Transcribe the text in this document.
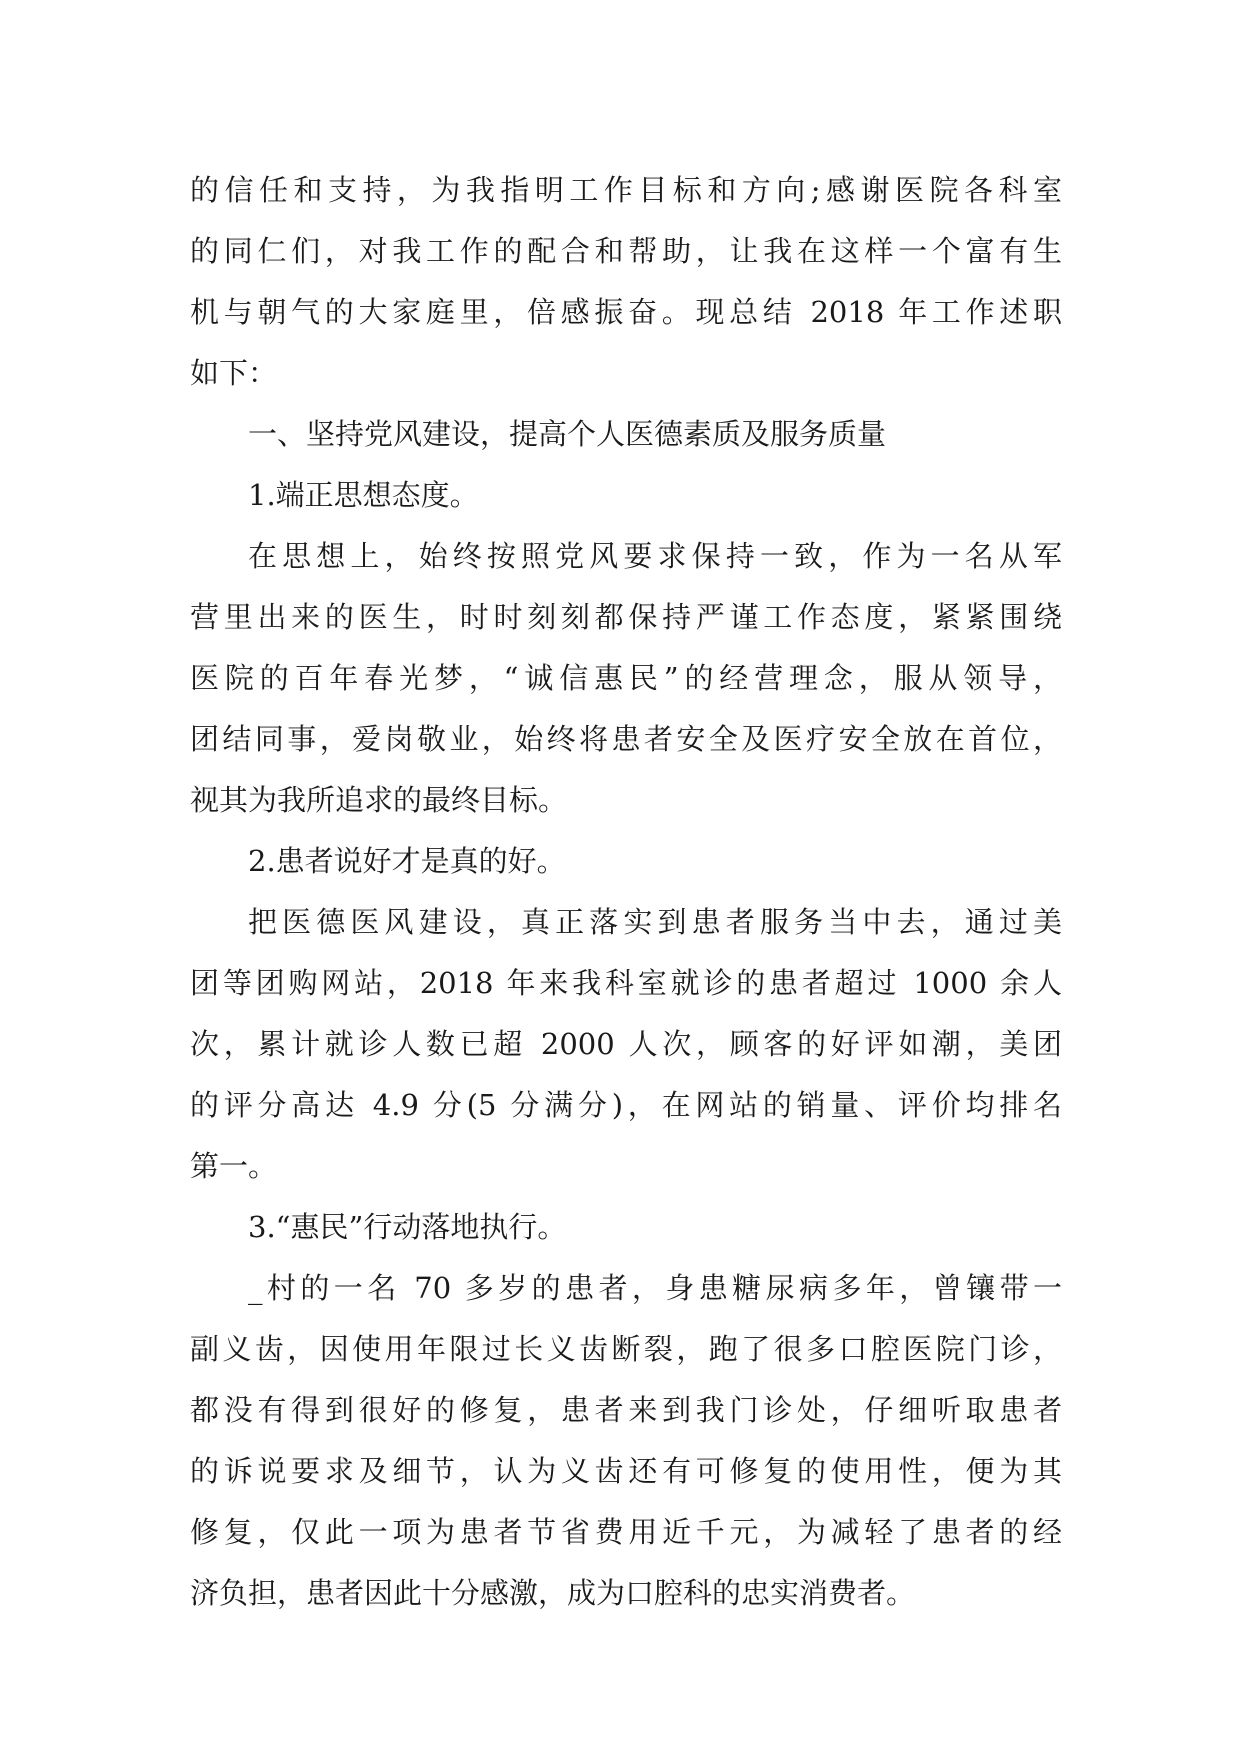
的信任和支持，为我指明工作目标和方向;感谢医院各科室
的同仁们，对我工作的配合和帮助，让我在这样一个富有生
机与朝气的大家庭里，倍感振奋。现总结 2018 年工作述职
如下：
一、坚持党风建设，提高个人医德素质及服务质量
1.端正思想态度。
在思想上，始终按照党风要求保持一致，作为一名从军
营里出来的医生，时时刻刻都保持严谨工作态度，紧紧围绕
医院的百年春光梦，“诚信惠民”的经营理念，服从领导，
团结同事，爱岗敬业，始终将患者安全及医疗安全放在首位，
视其为我所追求的最终目标。
2.患者说好才是真的好。
把医德医风建设，真正落实到患者服务当中去，通过美
团等团购网站，2018 年来我科室就诊的患者超过 1000 余人
次，累计就诊人数已超 2000 人次，顾客的好评如潮，美团
的评分高达 4.9 分(5 分满分)，在网站的销量、评价均排名
第一。
3.“惠民”行动落地执行。
_村的一名 70 多岁的患者，身患糖尿病多年，曾镶带一
副义齿，因使用年限过长义齿断裂，跑了很多口腔医院门诊，
都没有得到很好的修复，患者来到我门诊处，仔细听取患者
的诉说要求及细节，认为义齿还有可修复的使用性，便为其
修复，仅此一项为患者节省费用近千元，为减轻了患者的经
济负担，患者因此十分感激，成为口腔科的忠实消费者。
